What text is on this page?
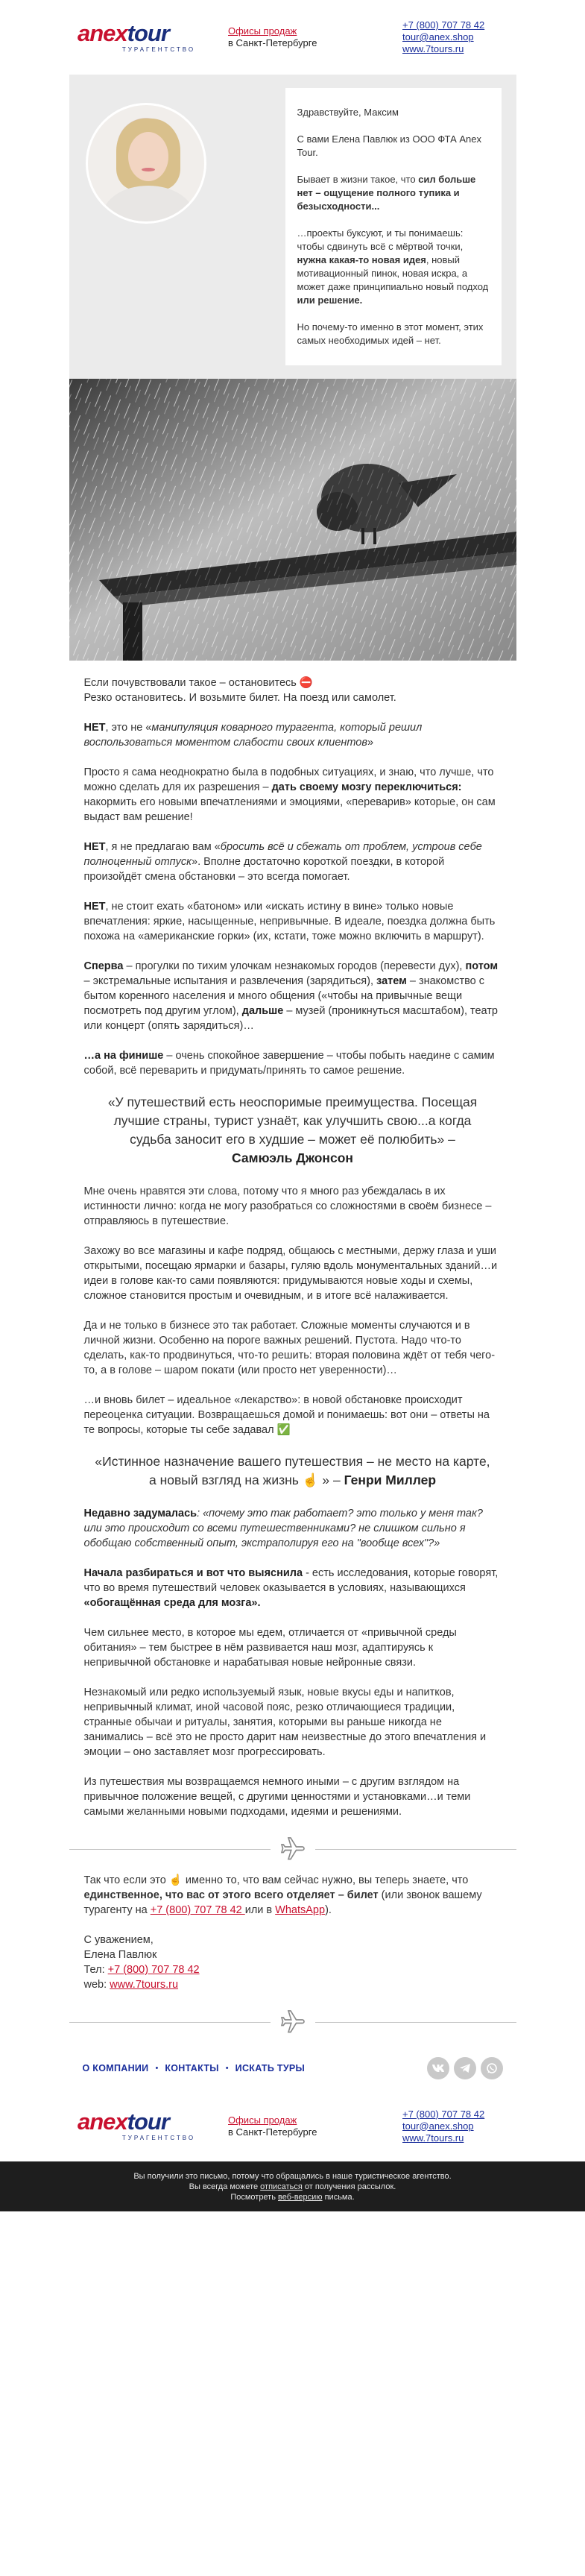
anextour
ТУРАГЕНТСТВО
Офисы продаж
в Санкт-Петербурге
+7 (800) 707 78 42
tour@anex.shop
www.7tours.ru

Здравствуйте, Максим

С вами Елена Павлюк из ООО ФТА Anex Tour.

Бывает в жизни такое, что сил больше нет – ощущение полного тупика и безысходности...

…проекты буксуют, и ты понимаешь: чтобы сдвинуть всё с мёртвой точки, нужна какая-то новая идея, новый мотивационный пинок, новая искра, а может даже принципиально новый подход или решение.

Но почему-то именно в этот момент, этих самых необходимых идей – нет.

Если почувствовали такое – остановитесь ⛔
Резко остановитесь. И возьмите билет. На поезд или самолет.

НЕТ, это не «манипуляция коварного турагента, который решил воспользоваться моментом слабости своих клиентов»

Просто я сама неоднократно была в подобных ситуациях, и знаю, что лучше, что можно сделать для их разрешения – дать своему мозгу переключиться: накормить его новыми впечатлениями и эмоциями, «переварив» которые, он сам выдаст вам решение!

НЕТ, я не предлагаю вам «бросить всё и сбежать от проблем, устроив себе полноценный отпуск». Вполне достаточно короткой поездки, в которой произойдёт смена обстановки – это всегда помогает.

НЕТ, не стоит ехать «батоном» или «искать истину в вине» только новые впечатления: яркие, насыщенные, непривычные. В идеале, поездка должна быть похожа на «американские горки» (их, кстати, тоже можно включить в маршрут).

Сперва – прогулки по тихим улочкам незнакомых городов (перевести дух), потом – экстремальные испытания и развлечения (зарядиться), затем – знакомство с бытом коренного населения и много общения («чтобы на привычные вещи посмотреть под другим углом), дальше – музей (проникнуться масштабом), театр или концерт (опять зарядиться)…

…а на финише – очень спокойное завершение – чтобы побыть наедине с самим собой, всё переварить и придумать/принять то самое решение.

«У путешествий есть неоспоримые преимущества. Посещая лучшие страны, турист узнаёт, как улучшить свою...а когда судьба заносит его в худшие – может её полюбить» –
Самюэль Джонсон

Мне очень нравятся эти слова, потому что я много раз убеждалась в их истинности лично: когда не могу разобраться со сложностями в своём бизнесе – отправляюсь в путешествие.

Захожу во все магазины и кафе подряд, общаюсь с местными, держу глаза и уши открытыми, посещаю ярмарки и базары, гуляю вдоль монументальных зданий…и идеи в голове как-то сами появляются: придумываются новые ходы и схемы, сложное становится простым и очевидным, и в итоге всё налаживается.

Да и не только в бизнесе это так работает. Сложные моменты случаются и в личной жизни. Особенно на пороге важных решений. Пустота. Надо что-то сделать, как-то продвинуться, что-то решить: вторая половина ждёт от тебя чего-то, а в голове – шаром покати (или просто нет уверенности)…

…и вновь билет – идеальное «лекарство»: в новой обстановке происходит переоценка ситуации. Возвращаешься домой и понимаешь: вот они – ответы на те вопросы, которые ты себе задавал ✅

«Истинное назначение вашего путешествия – не место на карте, а новый взгляд на жизнь ☝️ » – Генри Миллер

Недавно задумалась: «почему это так работает? это только у меня так? или это происходит со всеми путешественниками? не слишком сильно я обобщаю собственный опыт, экстраполируя его на "вообще всех"?»

Начала разбираться и вот что выяснила - есть исследования, которые говорят, что во время путешествий человек оказывается в условиях, называющихся «обогащённая среда для мозга».

Чем сильнее место, в которое мы едем, отличается от «привычной среды обитания» – тем быстрее в нём развивается наш мозг, адаптируясь к непривычной обстановке и нарабатывая новые нейронные связи.

Незнакомый или редко используемый язык, новые вкусы еды и напитков, непривычный климат, иной часовой пояс, резко отличающиеся традиции, странные обычаи и ритуалы, занятия, которыми вы раньше никогда не занимались – всё это не просто дарит нам неизвестные до этого впечатления и эмоции – оно заставляет мозг прогрессировать.

Из путешествия мы возвращаемся немного иными – с другим взглядом на привычное положение вещей, с другими ценностями и установками…и теми самыми желанными новыми подходами, идеями и решениями.

Так что если это ☝️ именно то, что вам сейчас нужно, вы теперь знаете, что единственное, что вас от этого всего отделяет – билет (или звонок вашему турагенту на +7 (800) 707 78 42 или в WhatsApp).

С уважением,
Елена Павлюк
Тел: +7 (800) 707 78 42
web: www.7tours.ru

О КОМПАНИИ • КОНТАКТЫ • ИСКАТЬ ТУРЫ
anextour
ТУРАГЕНТСТВО
Офисы продаж
в Санкт-Петербурге
+7 (800) 707 78 42
tour@anex.shop
www.7tours.ru
Вы получили это письмо, потому что обращались в наше туристическое агентство.
Вы всегда можете отписаться от получения рассылок.
Посмотреть веб-версию письма.
